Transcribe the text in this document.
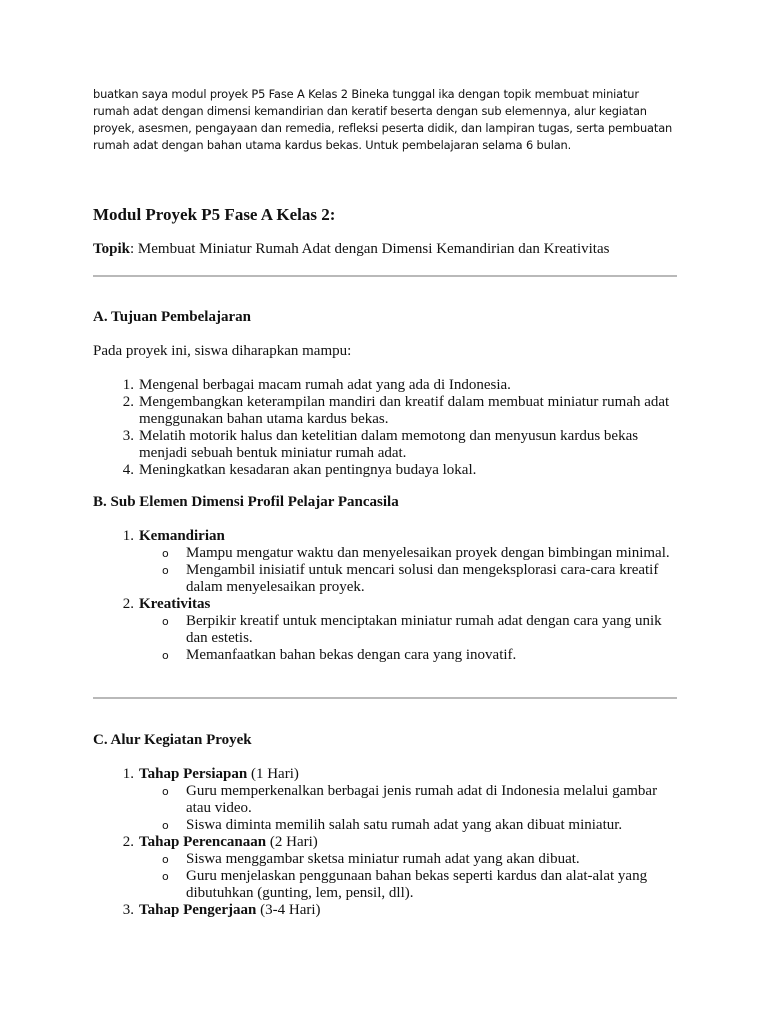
buatkan saya modul proyek P5 Fase A Kelas 2 Bineka tunggal ika dengan topik membuat miniatur rumah adat dengan dimensi kemandirian dan keratif beserta dengan sub elemennya, alur kegiatan proyek, asesmen, pengayaan dan remedia, refleksi peserta didik, dan lampiran tugas, serta pembuatan rumah adat dengan bahan utama kardus bekas. Untuk pembelajaran selama 6 bulan.
Modul Proyek P5 Fase A Kelas 2:
Topik: Membuat Miniatur Rumah Adat dengan Dimensi Kemandirian dan Kreativitas
A. Tujuan Pembelajaran

Pada proyek ini, siswa diharapkan mampu:

1. Mengenal berbagai macam rumah adat yang ada di Indonesia.
2. Mengembangkan keterampilan mandiri dan kreatif dalam membuat miniatur rumah adat menggunakan bahan utama kardus bekas.
3. Melatih motorik halus dan ketelitian dalam memotong dan menyusun kardus bekas menjadi sebuah bentuk miniatur rumah adat.
4. Meningkatkan kesadaran akan pentingnya budaya lokal.
B. Sub Elemen Dimensi Profil Pelajar Pancasila
1. Kemandirian
o Mampu mengatur waktu dan menyelesaikan proyek dengan bimbingan minimal.
o Mengambil inisiatif untuk mencari solusi dan mengeksplorasi cara-cara kreatif dalam menyelesaikan proyek.
2. Kreativitas
o Berpikir kreatif untuk menciptakan miniatur rumah adat dengan cara yang unik dan estetis.
o Memanfaatkan bahan bekas dengan cara yang inovatif.
C. Alur Kegiatan Proyek
1. Tahap Persiapan (1 Hari)
o Guru memperkenalkan berbagai jenis rumah adat di Indonesia melalui gambar atau video.
o Siswa diminta memilih salah satu rumah adat yang akan dibuat miniatur.
2. Tahap Perencanaan (2 Hari)
o Siswa menggambar sketsa miniatur rumah adat yang akan dibuat.
o Guru menjelaskan penggunaan bahan bekas seperti kardus dan alat-alat yang dibutuhkan (gunting, lem, pensil, dll).
3. Tahap Pengerjaan (3-4 Hari)
